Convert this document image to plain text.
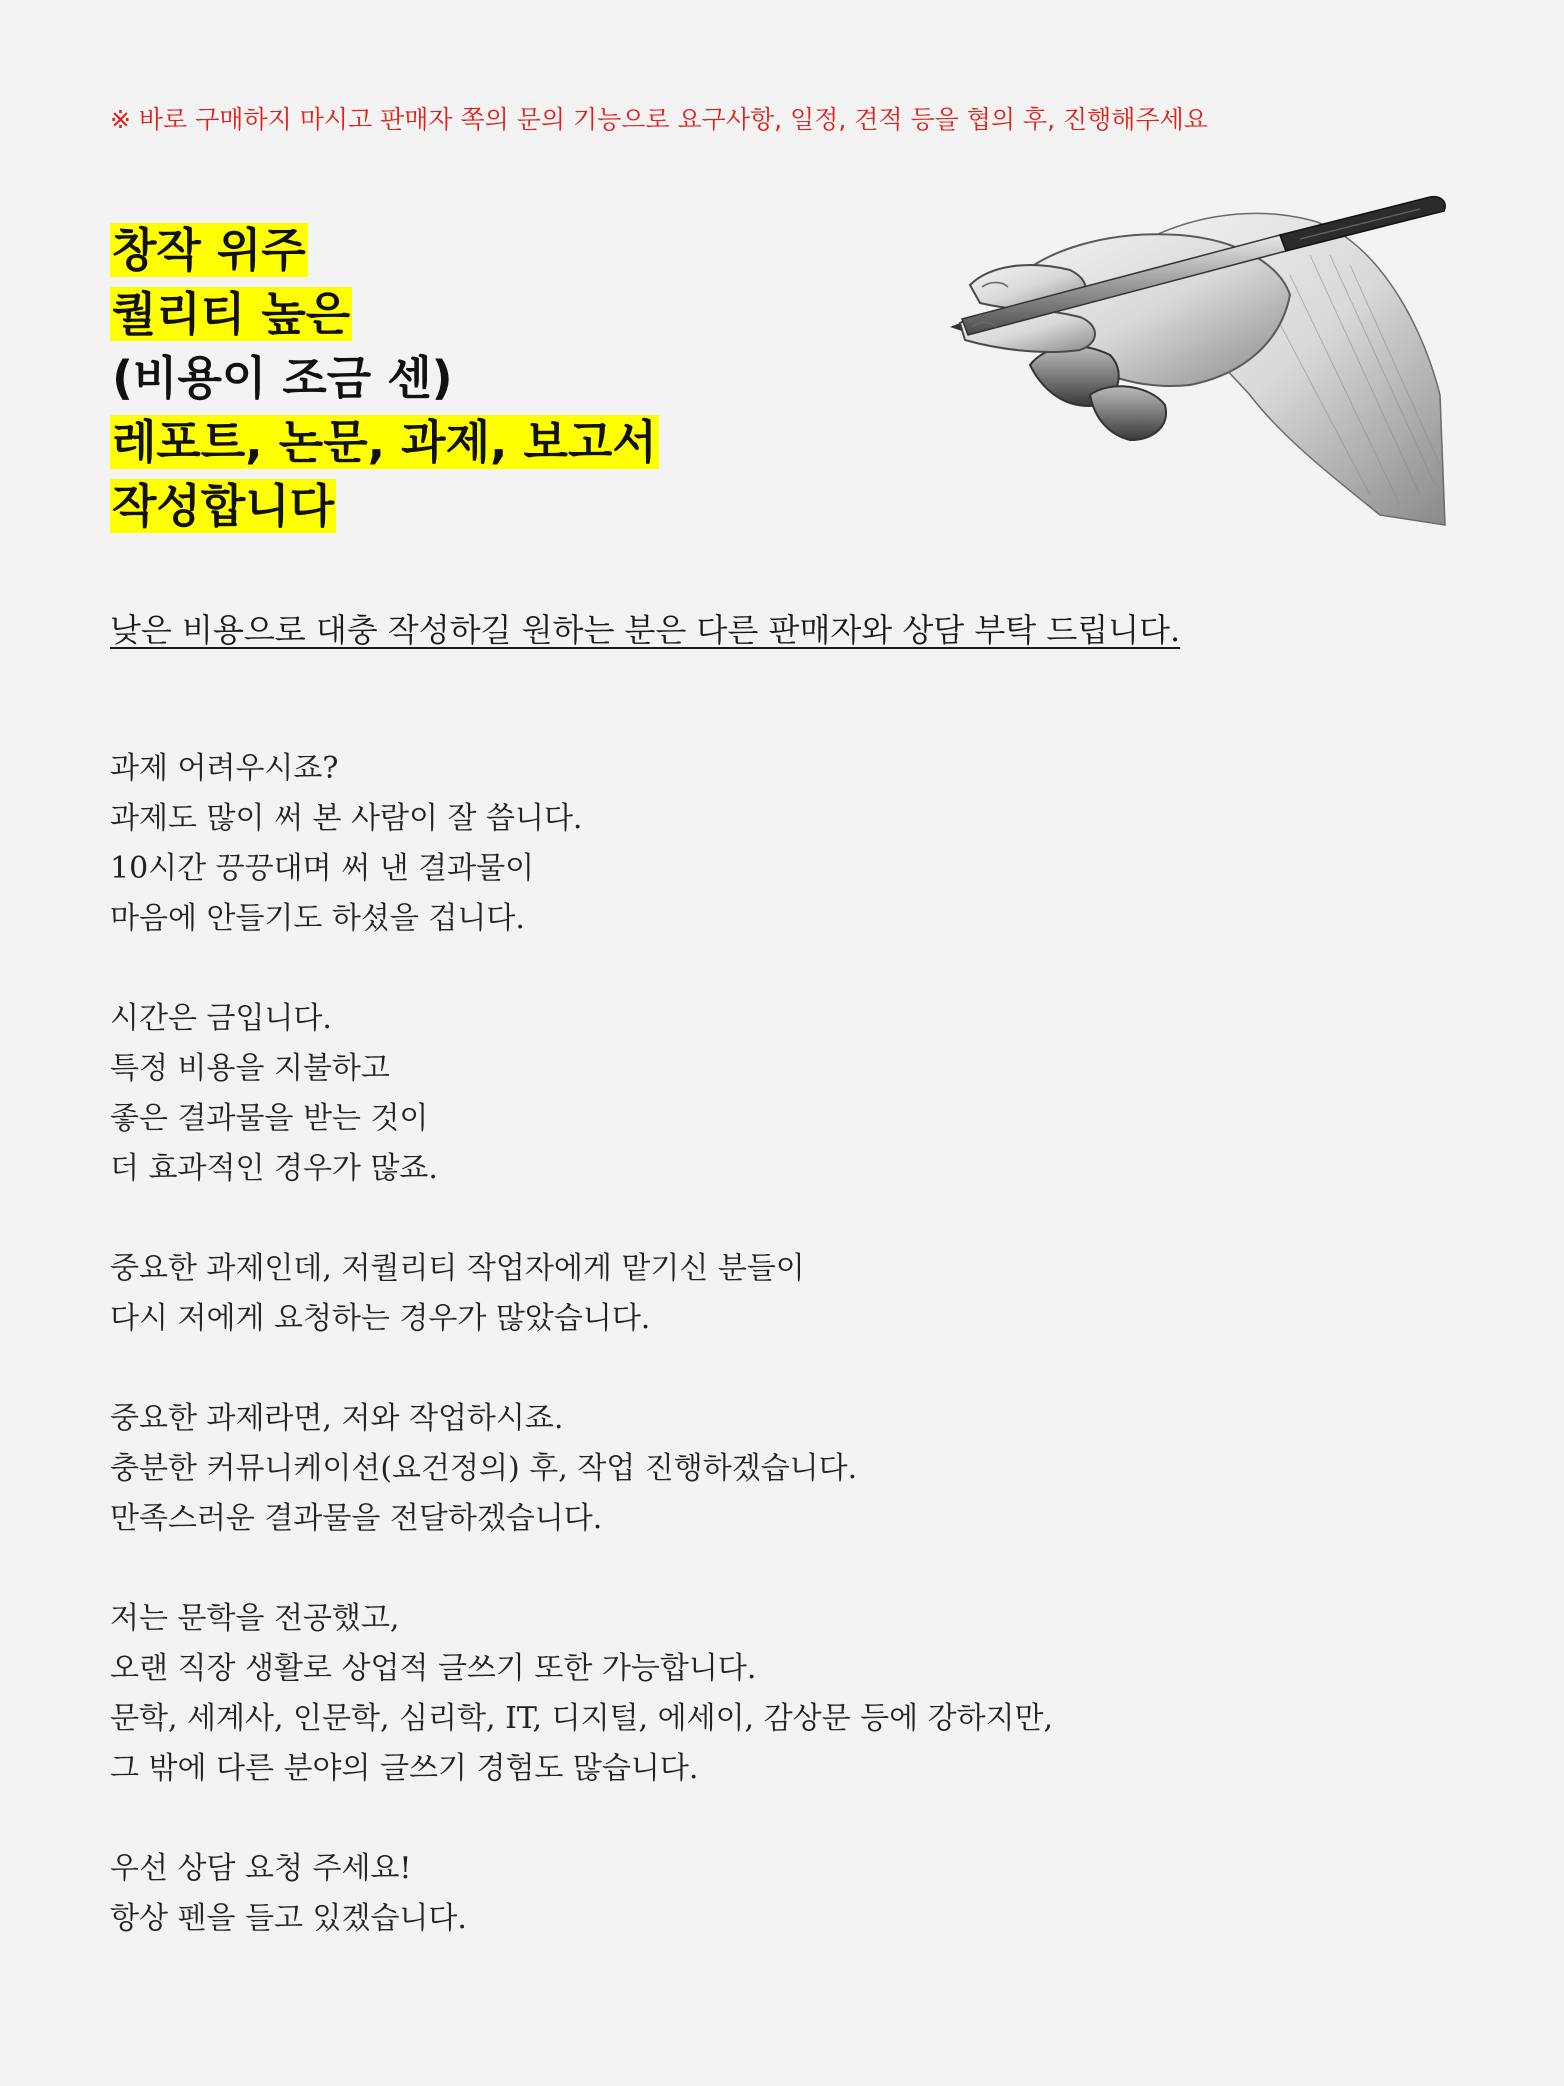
※ 바로 구매하지 마시고 판매자 쪽의 문의 기능으로 요구사항, 일정, 견적 등을 협의 후, 진행해주세요
창작 위주
퀄리티 높은
(비용이 조금 센)
레포트, 논문, 과제, 보고서
작성합니다
낮은 비용으로 대충 작성하길 원하는 분은 다른 판매자와 상담 부탁 드립니다.
과제 어려우시죠?
과제도 많이 써 본 사람이 잘 씁니다.
10시간 끙끙대며 써 낸 결과물이
마음에 안들기도 하셨을 겁니다.
시간은 금입니다.
특정 비용을 지불하고
좋은 결과물을 받는 것이
더 효과적인 경우가 많죠.
중요한 과제인데, 저퀄리티 작업자에게 맡기신 분들이
다시 저에게 요청하는 경우가 많았습니다.
중요한 과제라면, 저와 작업하시죠.
충분한 커뮤니케이션(요건정의) 후, 작업 진행하겠습니다.
만족스러운 결과물을 전달하겠습니다.
저는 문학을 전공했고,
오랜 직장 생활로 상업적 글쓰기 또한 가능합니다.
문학, 세계사, 인문학, 심리학, IT, 디지털, 에세이, 감상문 등에 강하지만,
그 밖에 다른 분야의 글쓰기 경험도 많습니다.
우선 상담 요청 주세요!
항상 펜을 들고 있겠습니다.
